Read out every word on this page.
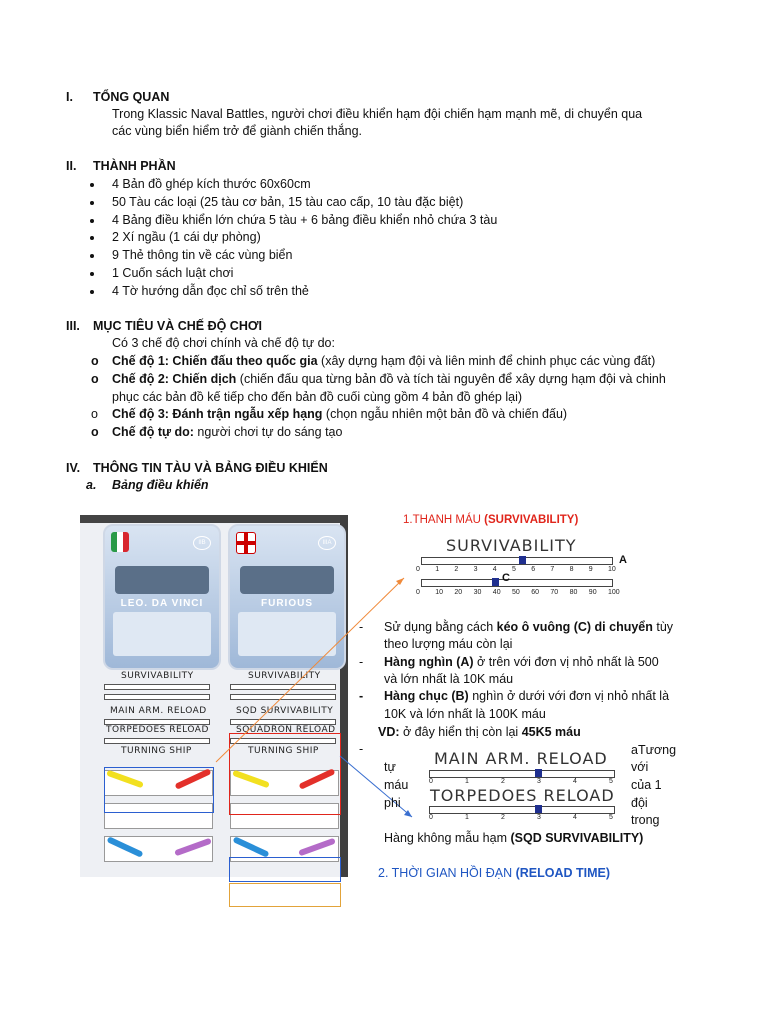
I. TỔNG QUAN
Trong Klassic Naval Battles, người chơi điều khiển hạm đội chiến hạm mạnh mẽ, di chuyển qua
các vùng biển hiểm trở để giành chiến thắng.
II. THÀNH PHẦN
4 Bản đồ ghép kích thước 60x60cm
50 Tàu các loại (25 tàu cơ bản, 15 tàu cao cấp, 10 tàu đặc biệt)
4 Bảng điều khiển lớn chứa 5 tàu + 6 bảng điều khiển nhỏ chứa 3 tàu
2 Xí ngầu (1 cái dự phòng)
9 Thẻ thông tin về các vùng biển
1 Cuốn sách luật chơi
4 Tờ hướng dẫn đọc chỉ số trên thẻ
III. MỤC TIÊU VÀ CHẾ ĐỘ CHƠI
Có 3 chế độ chơi chính và chế độ tự do:
o Chế độ 1: Chiến đấu theo quốc gia (xây dựng hạm đội và liên minh để chinh phục các vùng đất)
o Chế độ 2: Chiến dịch (chiến đấu qua từng bản đồ và tích tài nguyên để xây dựng hạm đội và chinh
phục các bản đồ kế tiếp cho đến bản đồ cuối cùng gồm 4 bản đồ ghép lại)
o Chế độ 3: Đánh trận ngẫu xếp hạng (chọn ngẫu nhiên một bản đồ và chiến đấu)
o Chế độ tự do: người chơi tự do sáng tạo
IV. THÔNG TIN TÀU VÀ BẢNG ĐIỀU KHIỂN
a. Bảng điều khiển
IIB
LEO. DA VINCI
IIIA
FURIOUS
SURVIVABILITY
MAIN ARM. RELOAD
TORPEDOES RELOAD
TURNING SHIP
SURVIVABILITY
SQD SURVIVABILITY
SQUADRON RELOAD
TURNING SHIP
1.THANH MÁU (SURVIVABILITY)
SURVIVABILITY
A
0 1 2 3 4 5 6 7 8 9 10
C
0 10 20 30 40 50 60 70 80 90 100
- Sử dụng bằng cách kéo ô vuông (C) di chuyển tùy
theo lượng máu còn lại
- Hàng nghìn (A) ở trên với đơn vị nhỏ nhất là 500
và lớn nhất là 10K máu
- Hàng chục (B) nghìn ở dưới với đơn vị nhỏ nhất là
10K và lớn nhất là 100K máu
VD: ở đây hiển thị còn lại 45K5 máu
-	MAIN ARM. RELOAD
0	1	2	3	4	5
TORPEDOES RELOAD
0	1	2	3	4	5
tự
máu
phi
aTương
với
của 1
đội
trong
Hàng không mẫu hạm (SQD SURVIVABILITY)
2. THỜI GIAN HỒI ĐẠN (RELOAD TIME)
